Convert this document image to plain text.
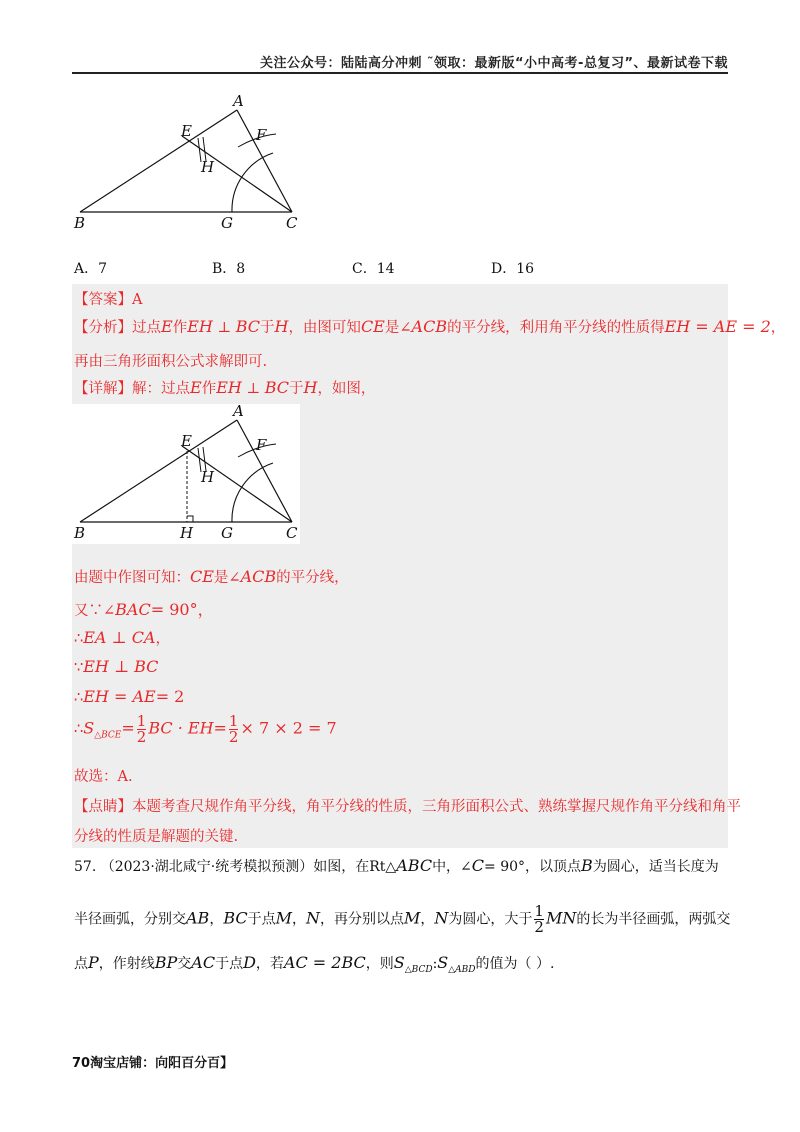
关注公众号：陆陆高分冲刺 ˜领取：最新版“小中高考-总复习”、最新试卷下载
A
E	F
H
B	G	C
A．7	B．8	C．14	D．16
【答案】A
【分析】过点E作EH ⊥ BC于H，由图可知CE是∠ACB的平分线，利用角平分线的性质得EH = AE = 2，
再由三角形面积公式求解即可.
【详解】解：过点E作EH ⊥ BC于H，如图，
A
E	F
H
B	H G	C
由题中作图可知：CE是∠ACB的平分线，
又∵∠BAC= 90°，
∴EA ⊥ CA，
∵EH ⊥ BC
∴EH = AE= 2
$\therefore S_{\triangle BCE}= \frac{1}{2}$ BC · $EH= \frac{1}{2} \times 7 \times 2 = 7$
故选：A.
【点睛】本题考查尺规作角平分线，角平分线的性质，三角形面积公式、熟练掌握尺规作角平分线和角平
分线的性质是解题的关键.
57. （2023·湖北咸宁·统考模拟预测）如图，在Rt△ABC中，∠C= 90°，以顶点B为圆心，适当长度为
半径画弧，分别交AB，BC于点M，N，再分别以点M，N为圆心，大于 $\frac{1}{2}$ MN的长为半径画弧，两弧交
点P，作射线BP交AC于点D，若AC = 2BC，则$S_{\triangle BCD}:S_{\triangle ABD}$的值为（ ）.
70淘宝店铺：向阳百分百】
